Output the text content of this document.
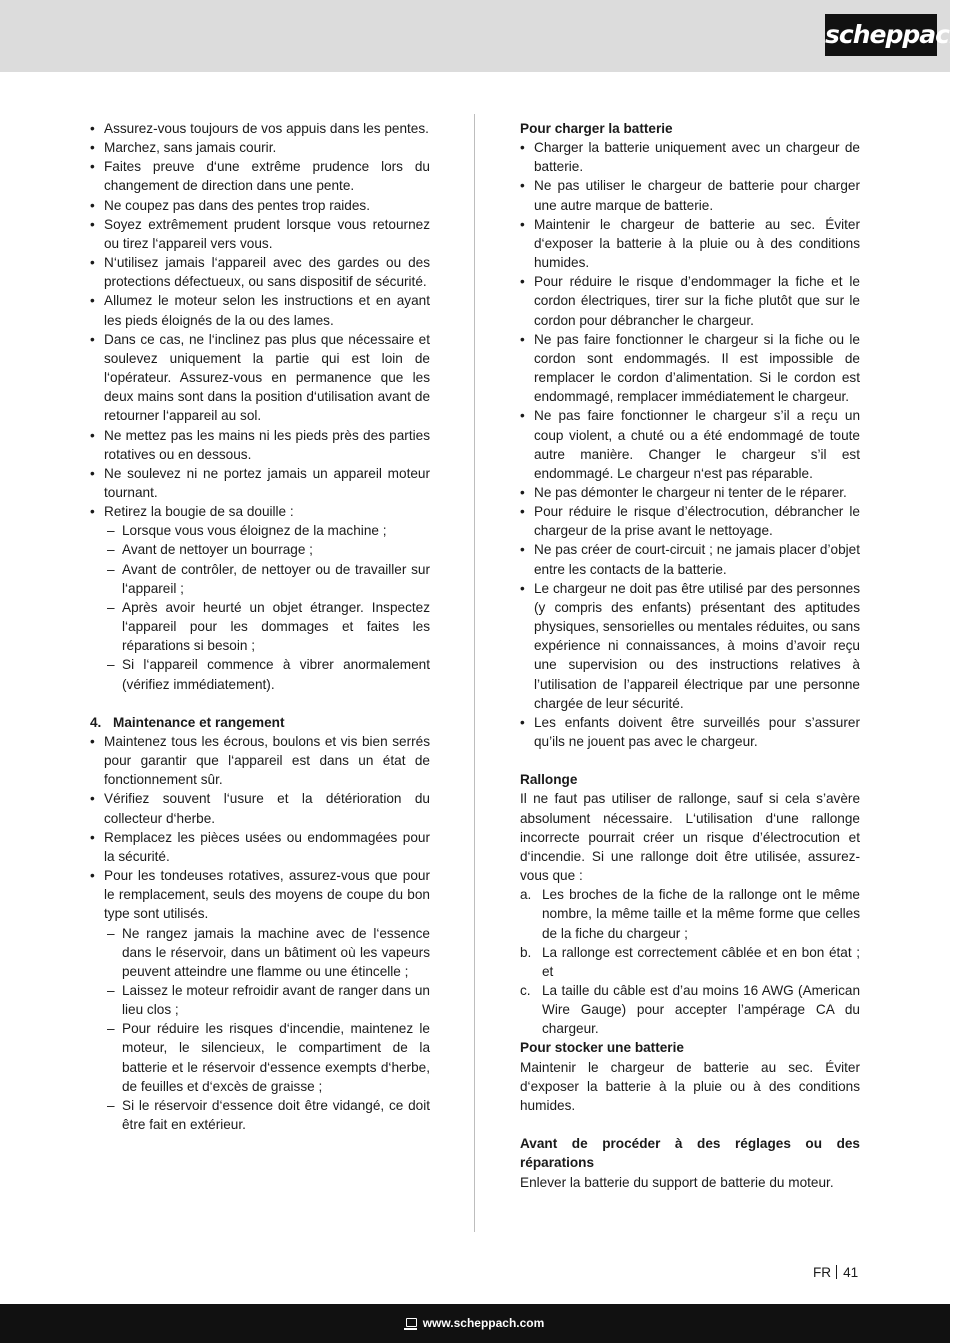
scheppach
• Assurez-vous toujours de vos appuis dans les pentes.
• Marchez, sans jamais courir.
• Faites preuve d‘une extrême prudence lors du changement de direction dans une pente.
• Ne coupez pas dans des pentes trop raides.
• Soyez extrêmement prudent lorsque vous retournez ou tirez l‘appareil vers vous.
• N‘utilisez jamais l‘appareil avec des gardes ou des protections défectueux, ou sans dispositif de sécurité.
• Allumez le moteur selon les instructions et en ayant les pieds éloignés de la ou des lames.
• Dans ce cas, ne l‘inclinez pas plus que nécessaire et soulevez uniquement la partie qui est loin de l‘opérateur. Assurez-vous en permanence que les deux mains sont dans la position d‘utilisation avant de retourner l‘appareil au sol.
• Ne mettez pas les mains ni les pieds près des parties rotatives ou en dessous.
• Ne soulevez ni ne portez jamais un appareil moteur tournant.
• Retirez la bougie de sa douille :
– Lorsque vous vous éloignez de la machine ;
– Avant de nettoyer un bourrage ;
– Avant de contrôler, de nettoyer ou de travailler sur l‘appareil ;
– Après avoir heurté un objet étranger. Inspectez l‘appareil pour les dommages et faites les réparations si besoin ;
– Si l‘appareil commence à vibrer anormalement (vérifiez immédiatement).
4. Maintenance et rangement
• Maintenez tous les écrous, boulons et vis bien serrés pour garantir que l‘appareil est dans un état de fonctionnement sûr.
• Vérifiez souvent l‘usure et la détérioration du collecteur d‘herbe.
• Remplacez les pièces usées ou endommagées pour la sécurité.
• Pour les tondeuses rotatives, assurez-vous que pour le remplacement, seuls des moyens de coupe du bon type sont utilisés.
– Ne rangez jamais la machine avec de l‘essence dans le réservoir, dans un bâtiment où les vapeurs peuvent atteindre une flamme ou une étincelle ;
– Laissez le moteur refroidir avant de ranger dans un lieu clos ;
– Pour réduire les risques d‘incendie, maintenez le moteur, le silencieux, le compartiment de la batterie et le réservoir d‘essence exempts d‘herbe, de feuilles et d‘excès de graisse ;
– Si le réservoir d‘essence doit être vidangé, ce doit être fait en extérieur.
Pour charger la batterie
• Charger la batterie uniquement avec un chargeur de batterie.
• Ne pas utiliser le chargeur de batterie pour charger une autre marque de batterie.
• Maintenir le chargeur de batterie au sec. Éviter d‘exposer la batterie à la pluie ou à des conditions humides.
• Pour réduire le risque d’endommager la fiche et le cordon électriques, tirer sur la fiche plutôt que sur le cordon pour débrancher le chargeur.
• Ne pas faire fonctionner le chargeur si la fiche ou le cordon sont endommagés. Il est impossible de remplacer le cordon d’alimentation. Si le cordon est endommagé, remplacer immédiatement le chargeur.
• Ne pas faire fonctionner le chargeur s’il a reçu un coup violent, a chuté ou a été endommagé de toute autre manière. Changer le chargeur s’il est endommagé. Le chargeur n‘est pas réparable.
• Ne pas démonter le chargeur ni tenter de le réparer.
• Pour réduire le risque d’électrocution, débrancher le chargeur de la prise avant le nettoyage.
• Ne pas créer de court-circuit ; ne jamais placer d’objet entre les contacts de la batterie.
• Le chargeur ne doit pas être utilisé par des personnes (y compris des enfants) présentant des aptitudes physiques, sensorielles ou mentales réduites, ou sans expérience ni connaissances, à moins d’avoir reçu une supervision ou des instructions relatives à l’utilisation de l’appareil électrique par une personne chargée de leur sécurité.
• Les enfants doivent être surveillés pour s’assurer qu’ils ne jouent pas avec le chargeur.
Rallonge
Il ne faut pas utiliser de rallonge, sauf si cela s’avère absolument nécessaire. L‘utilisation d‘une rallonge incorrecte pourrait créer un risque d’électrocution et d‘incendie. Si une rallonge doit être utilisée, assurez-vous que :
a. Les broches de la fiche de la rallonge ont le même nombre, la même taille et la même forme que celles de la fiche du chargeur ;
b. La rallonge est correctement câblée et en bon état ; et
c. La taille du câble est d’au moins 16 AWG (American Wire Gauge) pour accepter l’ampérage CA du chargeur.
Pour stocker une batterie
Maintenir le chargeur de batterie au sec. Éviter d‘exposer la batterie à la pluie ou à des conditions humides.
Avant de procéder à des réglages ou des réparations
Enlever la batterie du support de batterie du moteur.
FR 41
www.scheppach.com
